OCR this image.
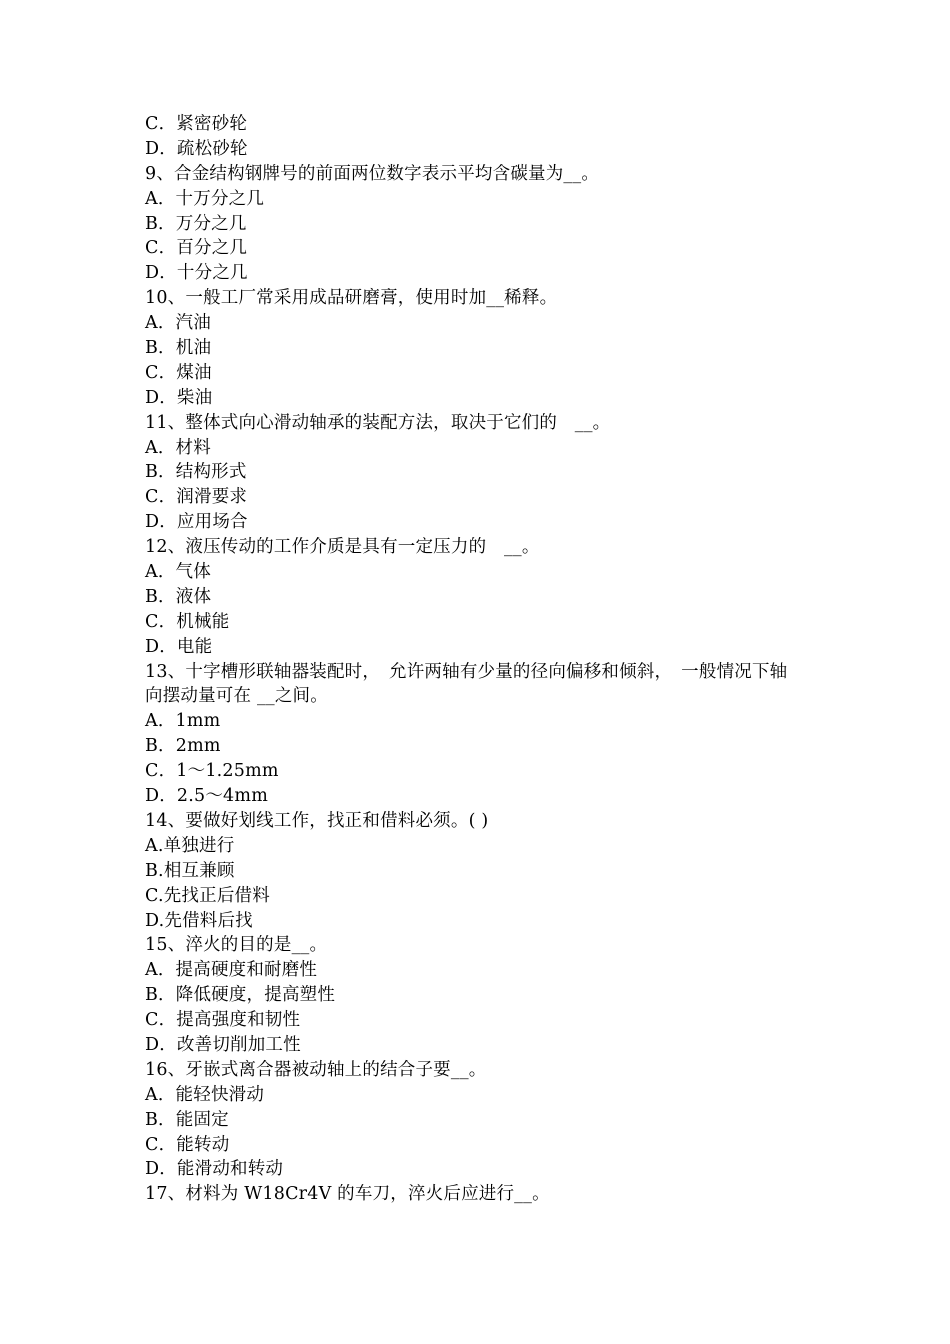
C．紧密砂轮
D．疏松砂轮
9、合金结构钢牌号的前面两位数字表示平均含碳量为__。
A．十万分之几
B．万分之几
C．百分之几
D．十分之几
10、一般工厂常采用成品研磨膏，使用时加__稀释。
A．汽油
B．机油
C．煤油
D．柴油
11、整体式向心滑动轴承的装配方法，取决于它们的　__。
A．材料
B．结构形式
C．润滑要求
D．应用场合
12、液压传动的工作介质是具有一定压力的　__。
A．气体
B．液体
C．机械能
D．电能
13、十字槽形联轴器装配时，　允许两轴有少量的径向偏移和倾斜，　一般情况下轴
向摆动量可在 __之间。
A．1mm
B．2mm
C．1～1.25mm
D．2.5～4mm
14、要做好划线工作，找正和借料必须。( )
A.单独进行
B.相互兼顾
C.先找正后借料
D.先借料后找
15、淬火的目的是__。
A．提高硬度和耐磨性
B．降低硬度，提高塑性
C．提高强度和韧性
D．改善切削加工性
16、牙嵌式离合器被动轴上的结合子要__。
A．能轻快滑动
B．能固定
C．能转动
D．能滑动和转动
17、材料为 W18Cr4V 的车刀，淬火后应进行__。
